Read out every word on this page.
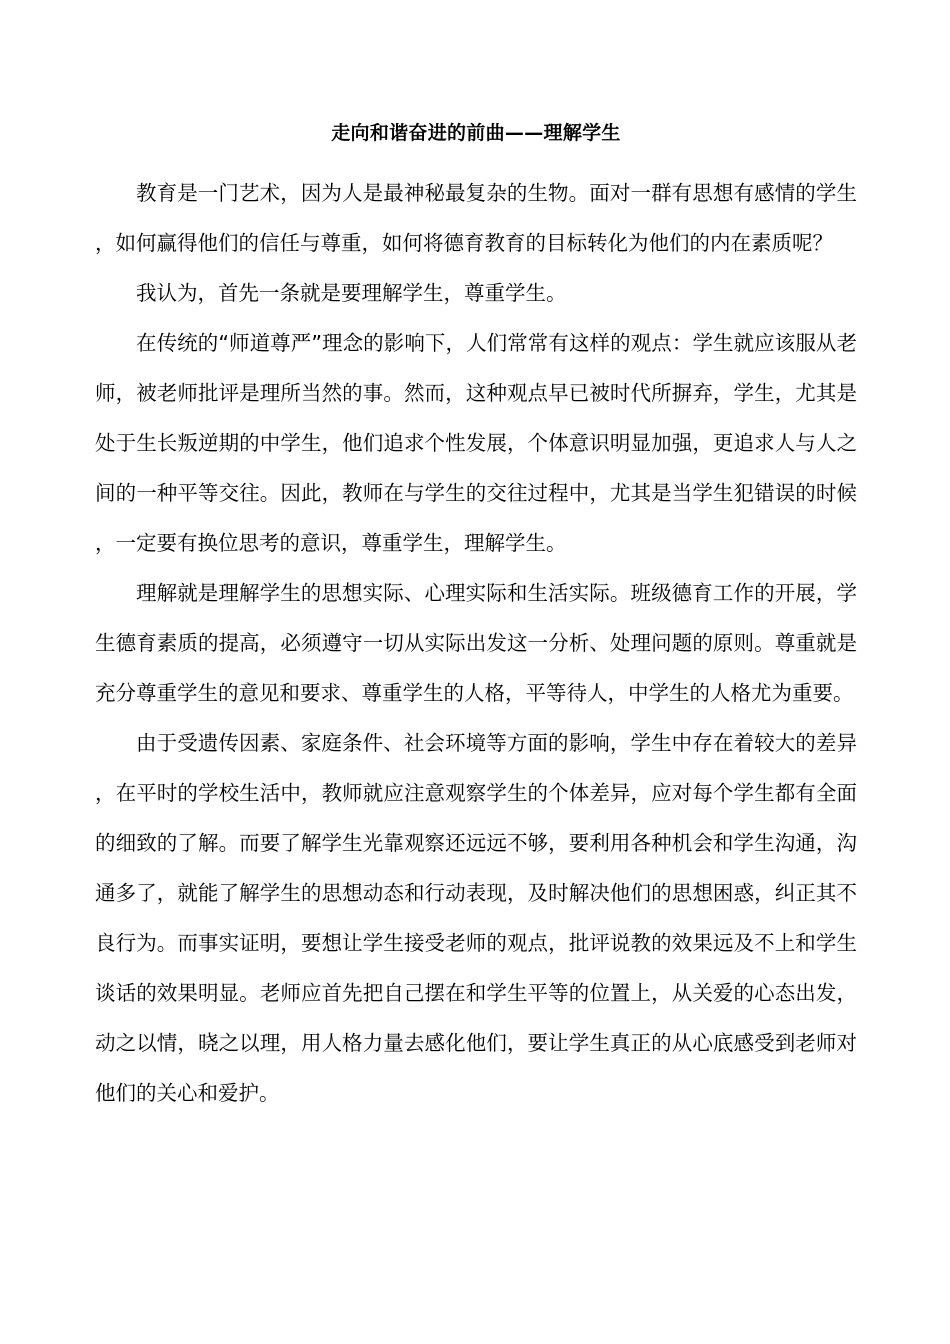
走向和谐奋进的前曲——理解学生

教育是一门艺术，因为人是最神秘最复杂的生物。面对一群有思想有感情的学生，如何赢得他们的信任与尊重，如何将德育教育的目标转化为他们的内在素质呢？

我认为，首先一条就是要理解学生，尊重学生。

在传统的“师道尊严”理念的影响下，人们常常有这样的观点：学生就应该服从老师，被老师批评是理所当然的事。然而，这种观点早已被时代所摒弃，学生，尤其是处于生长叛逆期的中学生，他们追求个性发展，个体意识明显加强，更追求人与人之间的一种平等交往。因此，教师在与学生的交往过程中，尤其是当学生犯错误的时候，一定要有换位思考的意识，尊重学生，理解学生。

理解就是理解学生的思想实际、心理实际和生活实际。班级德育工作的开展，学生德育素质的提高，必须遵守一切从实际出发这一分析、处理问题的原则。尊重就是充分尊重学生的意见和要求、尊重学生的人格，平等待人，中学生的人格尤为重要。

由于受遗传因素、家庭条件、社会环境等方面的影响，学生中存在着较大的差异，在平时的学校生活中，教师就应注意观察学生的个体差异，应对每个学生都有全面的细致的了解。而要了解学生光靠观察还远远不够，要利用各种机会和学生沟通，沟通多了，就能了解学生的思想动态和行动表现，及时解决他们的思想困惑，纠正其不良行为。而事实证明，要想让学生接受老师的观点，批评说教的效果远及不上和学生谈话的效果明显。老师应首先把自己摆在和学生平等的位置上，从关爱的心态出发，动之以情，晓之以理，用人格力量去感化他们，要让学生真正的从心底感受到老师对他们的关心和爱护。
